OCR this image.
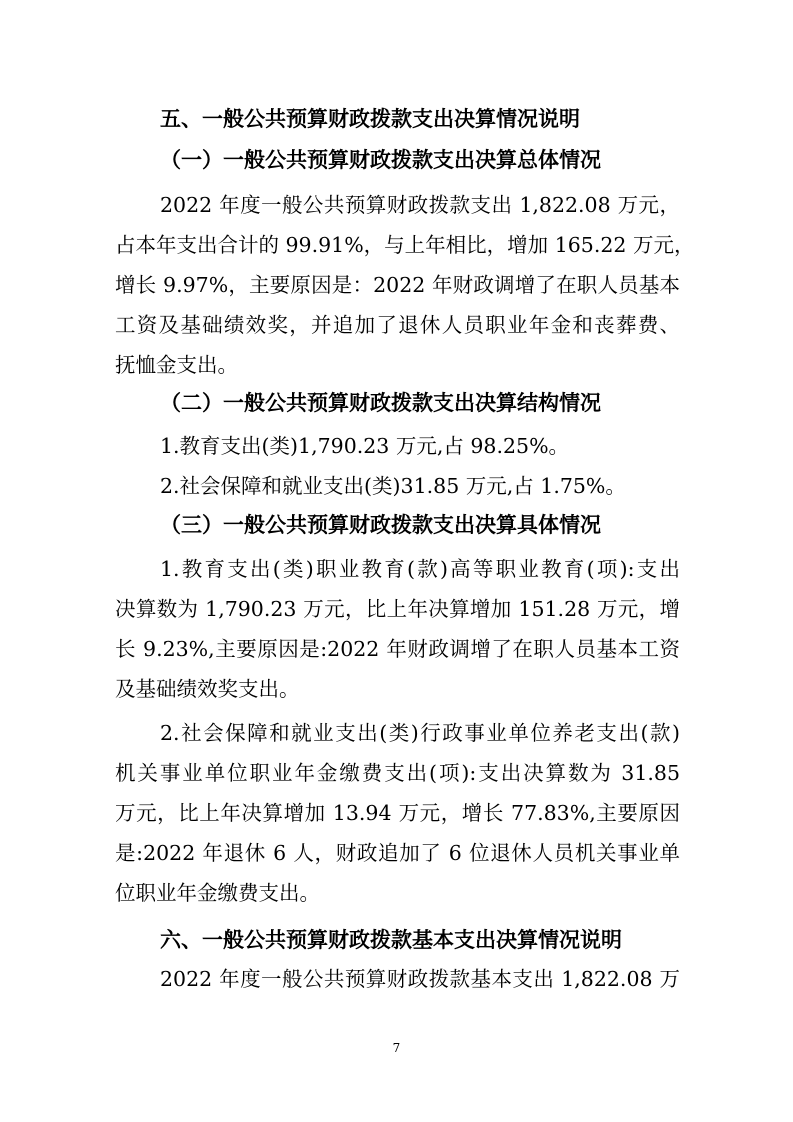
五、一般公共预算财政拨款支出决算情况说明
（一）一般公共预算财政拨款支出决算总体情况
2022 年度一般公共预算财政拨款支出 1,822.08 万元，
占本年支出合计的 99.91%，与上年相比，增加 165.22 万元，
增长 9.97%，主要原因是：2022 年财政调增了在职人员基本
工资及基础绩效奖，并追加了退休人员职业年金和丧葬费、
抚恤金支出。
（二）一般公共预算财政拨款支出决算结构情况
1.教育支出(类)1,790.23 万元,占 98.25%。
2.社会保障和就业支出(类)31.85 万元,占 1.75%。
（三）一般公共预算财政拨款支出决算具体情况
1.教育支出(类)职业教育(款)高等职业教育(项):支出
决算数为 1,790.23 万元，比上年决算增加 151.28 万元，增
长 9.23%,主要原因是:2022 年财政调增了在职人员基本工资
及基础绩效奖支出。
2.社会保障和就业支出(类)行政事业单位养老支出(款)
机关事业单位职业年金缴费支出(项):支出决算数为 31.85
万元，比上年决算增加 13.94 万元，增长 77.83%,主要原因
是:2022 年退休 6 人，财政追加了 6 位退休人员机关事业单
位职业年金缴费支出。
六、一般公共预算财政拨款基本支出决算情况说明
2022 年度一般公共预算财政拨款基本支出 1,822.08 万
7
